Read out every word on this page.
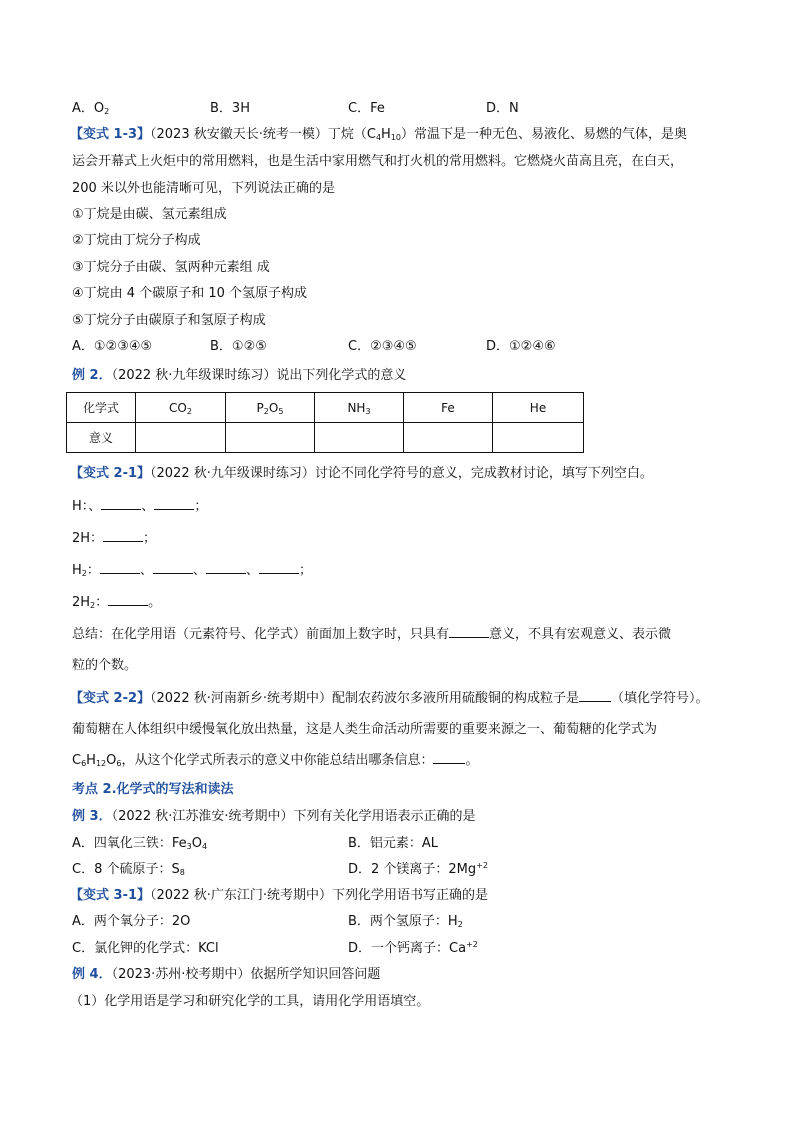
A．$O_2$	B．3H	C．Fe	D．N
【变式 1-3】（2023 秋安徽天长·统考一模）丁烷$(C_4H_{10})$常温下是一种无色、易液化、易燃的气体，是奥
运会开幕式上火炬中的常用燃料，也是生活中家用燃气和打火机的常用燃料。它燃烧火苗高且亮，在白天，
200 米以外也能清晰可见，下列说法正确的是
①丁烷是由碳、氢元素组成
②丁烷由丁烷分子构成
③丁烷分子由碳、氢两种元素组 成
④丁烷由 4 个碳原子和 10 个氢原子构成
⑤丁烷分子由碳原子和氢原子构成
A．①②③④⑤	B．①②⑤	C．②③④⑤	D．①②④⑥
例 2．（2022 秋·九年级课时练习）说出下列化学式的意义
化学式	$CO_2$	$P_2O_5$	$NH_3$	Fe	He
意义					
【变式 2-1】（2022 秋·九年级课时练习）讨论不同化学符号的意义，完成教材讨论，填写下列空白。
H：、	、	；
2H：	；
$H_2$：	、	、	、	；
$2H_2$：	。
总结：在化学用语（元素符号、化学式）前面加上数字时，只具有	意义，不具有宏观意义、表示微
粒的个数。
【变式 2-2】（2022 秋·河南新乡·统考期中）配制农药波尔多液所用硫酸铜的构成粒子是 （填化学符号）。
葡萄糖在人体组织中缓慢氧化放出热量，这是人类生命活动所需要的重要来源之一、葡萄糖的化学式为
$C_6H_{12}O_6$，从这个化学式所表示的意义中你能总结出哪条信息： 。
考点 2.化学式的写法和读法
例 3．（2022 秋·江苏淮安·统考期中）下列有关化学用语表示正确的是
A．四氧化三铁：$Fe_3O_4$	B．铝元素：AL
C．8 个硫原子：$S_8$	D．2 个镁离子：$2Mg^{+2}$
【变式 3-1】（2022 秋·广东江门·统考期中）下列化学用语书写正确的是
A．两个氧分子：2O	B．两个氢原子：$H_2$
C．氯化钾的化学式：KCl	D．一个钙离子：$Ca^{+2}$
例 4．（2023·苏州·校考期中）依据所学知识回答问题
（1）化学用语是学习和研究化学的工具，请用化学用语填空。
